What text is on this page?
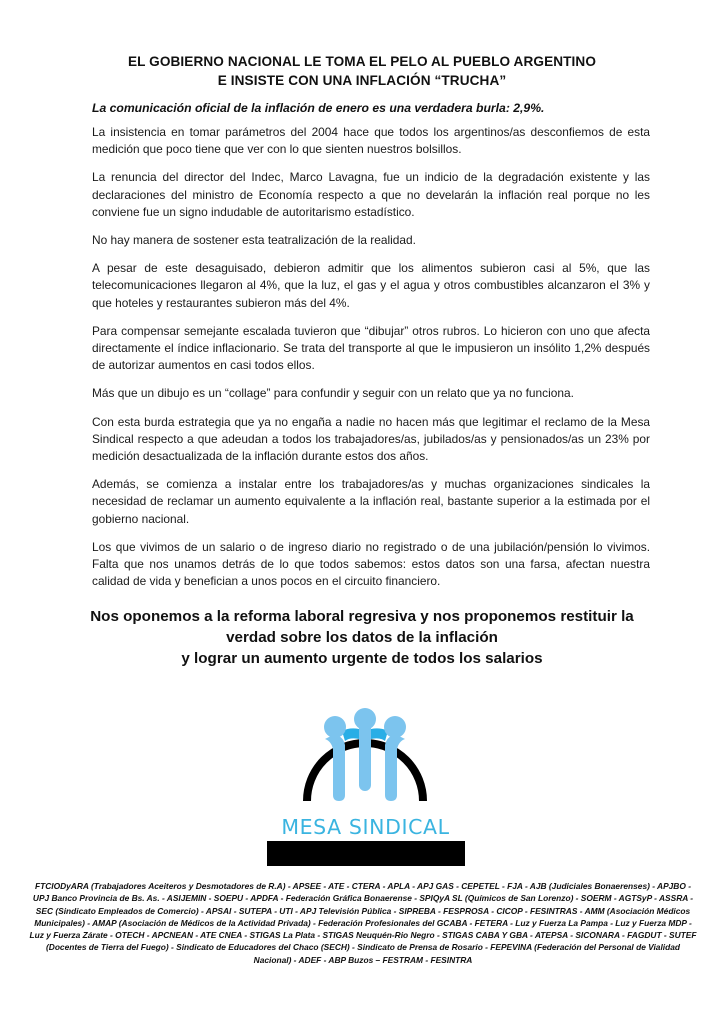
EL GOBIERNO NACIONAL LE TOMA EL PELO AL PUEBLO ARGENTINO
E INSISTE CON UNA INFLACIÓN “TRUCHA”
La comunicación oficial de la inflación de enero es una verdadera burla: 2,9%.

La insistencia en tomar parámetros del 2004 hace que todos los argentinos/as desconfiemos de esta medición que poco tiene que ver con lo que sienten nuestros bolsillos.

La renuncia del director del Indec, Marco Lavagna, fue un indicio de la degradación existente y las declaraciones del ministro de Economía respecto a que no develarán la inflación real porque no les conviene fue un signo indudable de autoritarismo estadístico.

No hay manera de sostener esta teatralización de la realidad.

A pesar de este desaguisado, debieron admitir que los alimentos subieron casi al 5%, que las telecomunicaciones llegaron al 4%, que la luz, el gas y el agua y otros combustibles alcanzaron el 3% y que hoteles y restaurantes subieron más del 4%.

Para compensar semejante escalada tuvieron que “dibujar” otros rubros. Lo hicieron con uno que afecta directamente el índice inflacionario. Se trata del transporte al que le impusieron un insólito 1,2% después de autorizar aumentos en casi todos ellos.

Más que un dibujo es un “collage” para confundir y seguir con un relato que ya no funciona.

Con esta burda estrategia que ya no engaña a nadie no hacen más que legitimar el reclamo de la Mesa Sindical respecto a que adeudan a todos los trabajadores/as, jubilados/as y pensionados/as un 23% por medición desactualizada de la inflación durante estos dos años.

Además, se comienza a instalar entre los trabajadores/as y muchas organizaciones sindicales la necesidad de reclamar un aumento equivalente a la inflación real, bastante superior a la estimada por el gobierno nacional.

Los que vivimos de un salario o de ingreso diario no registrado o de una jubilación/pensión lo vivimos. Falta que nos unamos detrás de lo que todos sabemos: estos datos son una farsa, afectan nuestra calidad de vida y benefician a unos pocos en el circuito financiero.

Nos oponemos a la reforma laboral regresiva y nos proponemos restituir la
verdad sobre los datos de la inflación
y lograr un aumento urgente de todos los salarios
MESA SINDICAL
FTCIODyARA (Trabajadores Aceiteros y Desmotadores de R.A) - APSEE - ATE - CTERA - APLA - APJ GAS - CEPETEL - FJA - AJB (Judiciales Bonaerenses) - APJBO - UPJ Banco Provincia de Bs. As. - ASIJEMIN - SOEPU - APDFA - Federación Gráfica Bonaerense - SPIQyA SL (Químicos de San Lorenzo) - SOERM - AGTSyP - ASSRA - SEC (Sindicato Empleados de Comercio) - APSAI - SUTEPA - UTI - APJ Televisión Pública - SIPREBA - FESPROSA - CICOP - FESINTRAS - AMM (Asociación Médicos Municipales) - AMAP (Asociación de Médicos de la Actividad Privada) - Federación Profesionales del GCABA - FETERA - Luz y Fuerza La Pampa - Luz y Fuerza MDP - Luz y Fuerza Zárate - OTECH - APCNEAN - ATE CNEA - STIGAS La Plata - STIGAS Neuquén-Rio Negro - STIGAS CABA Y GBA - ATEPSA - SICONARA - FAGDUT - SUTEF (Docentes de Tierra del Fuego) - Sindicato de Educadores del Chaco (SECH) - Sindicato de Prensa de Rosario - FEPEVINA (Federación del Personal de Vialidad Nacional) - ADEF - ABP Buzos – FESTRAM - FESINTRA
